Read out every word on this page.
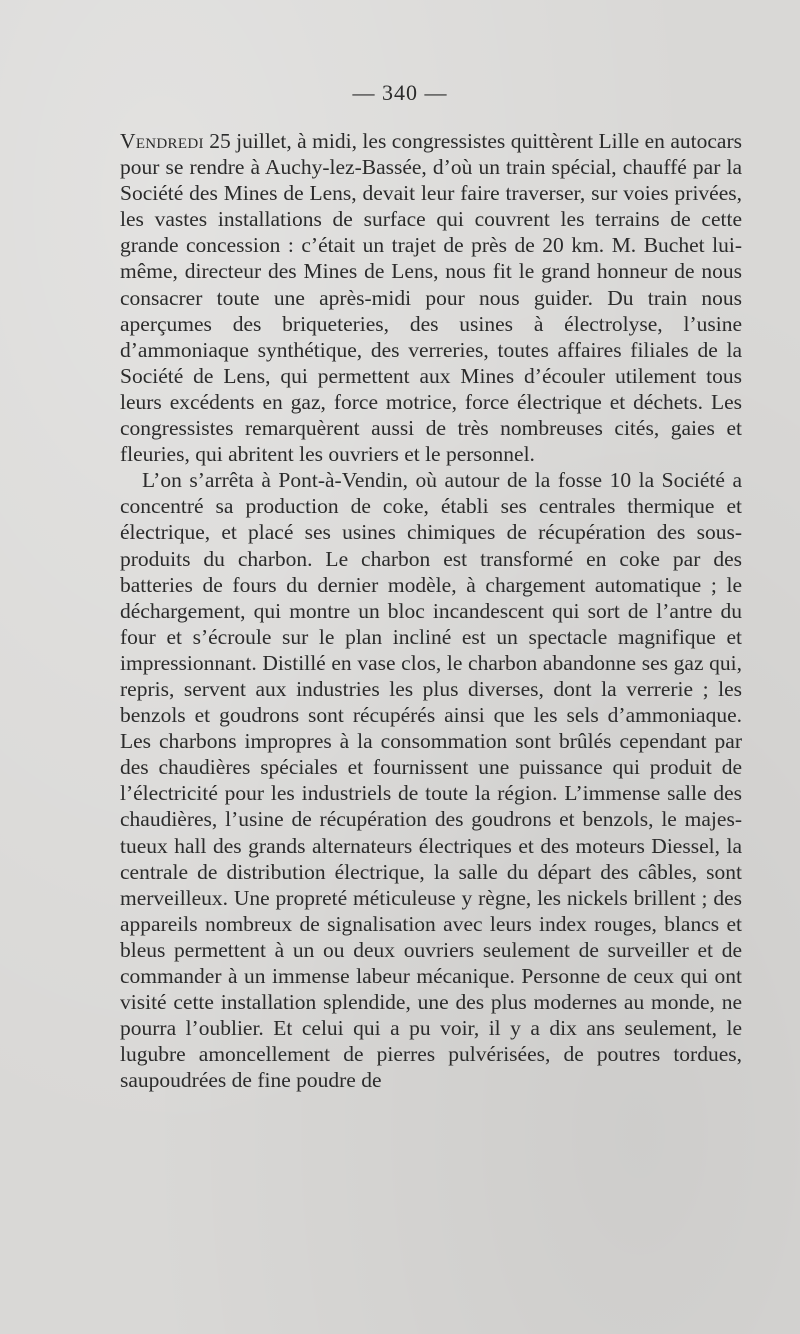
— 340 —

Vendredi 25 juillet, à midi, les congressistes quittèrent Lille en autocars pour se rendre à Auchy-lez-Bassée, d’où un train spécial, chauffé par la Société des Mines de Lens, devait leur faire traverser, sur voies privées, les vastes installations de surface qui couvrent les terrains de cette grande concession : c’était un trajet de près de 20 km. M. Buchet lui-même, directeur des Mines de Lens, nous fit le grand honneur de nous consacrer toute une après-midi pour nous guider. Du train nous aperçumes des briqueteries, des usines à électrolyse, l’usine d’ammoniaque synthétique, des verreries, toutes affaires filiales de la Société de Lens, qui permettent aux Mines d’écouler utilement tous leurs excédents en gaz, force motrice, force électrique et déchets. Les congressistes remarquèrent aussi de très nombreuses cités, gaies et fleuries, qui abritent les ouvriers et le personnel.

L’on s’arrêta à Pont-à-Vendin, où autour de la fosse 10 la Société a concentré sa production de coke, établi ses centrales thermique et électrique, et placé ses usines chimiques de récupération des sous-produits du charbon. Le charbon est transformé en coke par des batteries de fours du dernier modèle, à chargement automatique ; le déchargement, qui montre un bloc incandescent qui sort de l’antre du four et s’écroule sur le plan incliné est un spectacle magnifique et impressionnant. Distillé en vase clos, le charbon abandonne ses gaz qui, repris, servent aux industries les plus diverses, dont la verrerie ; les benzols et goudrons sont récupérés ainsi que les sels d’ammoniaque. Les charbons impropres à la consommation sont brûlés cependant par des chaudières spéciales et fournissent une puissance qui produit de l’électricité pour les industriels de toute la région. L’immense salle des chaudières, l’usine de récupération des goudrons et benzols, le majestueux hall des grands alternateurs électriques et des moteurs Diessel, la centrale de distribution électrique, la salle du départ des câbles, sont merveilleux. Une propreté méticuleuse y règne, les nickels brillent ; des appareils nombreux de signalisation avec leurs index rouges, blancs et bleus permettent à un ou deux ouvriers seulement de surveiller et de commander à un immense labeur mécanique. Personne de ceux qui ont visité cette installation splendide, une des plus modernes au monde, ne pourra l’oublier. Et celui qui a pu voir, il y a dix ans seulement, le lugubre amoncellement de pierres pulvérisées, de poutres tordues, saupoudrées de fine poudre de
